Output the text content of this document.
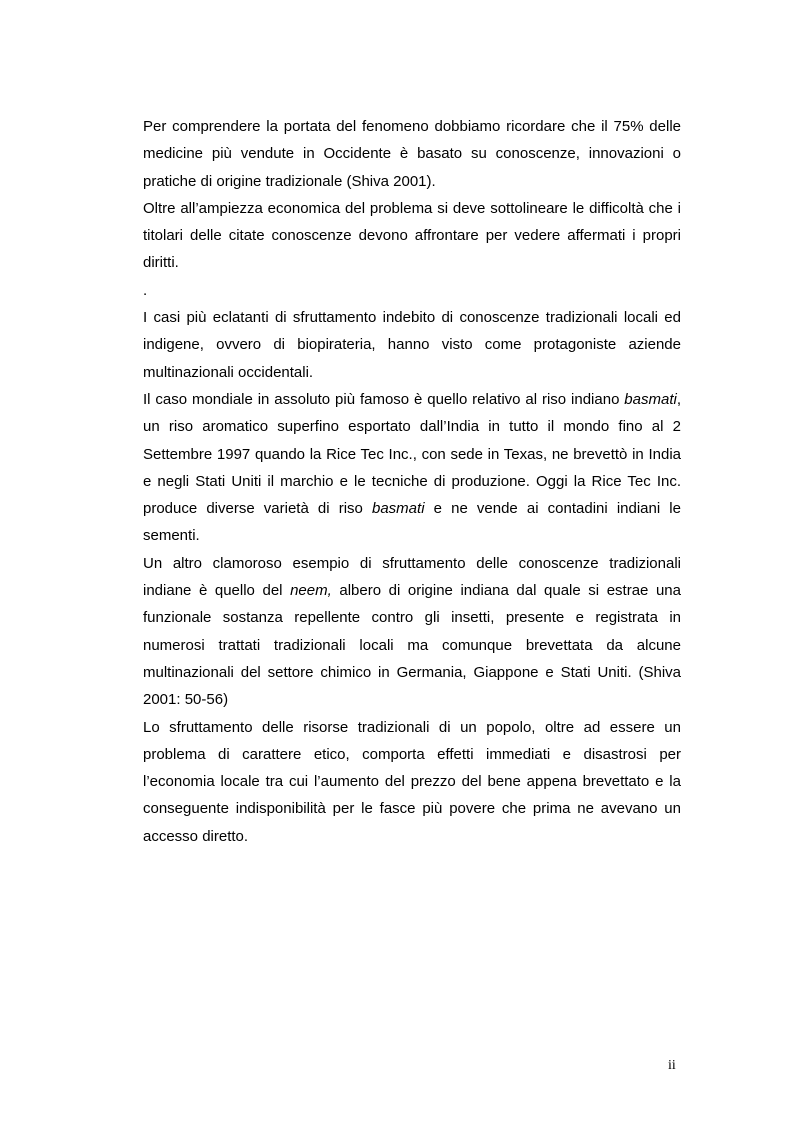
Per comprendere la portata del fenomeno dobbiamo ricordare che il 75% delle medicine più vendute in Occidente è basato su conoscenze, innovazioni o pratiche di origine tradizionale (Shiva 2001).

Oltre all’ampiezza economica del problema si deve sottolineare le difficoltà che i titolari delle citate conoscenze devono affrontare per vedere affermati i propri diritti.

.

I casi più eclatanti di sfruttamento indebito di conoscenze tradizionali locali ed indigene, ovvero di biopirateria, hanno visto come protagoniste aziende multinazionali occidentali.

Il caso mondiale in assoluto più famoso è quello relativo al riso indiano basmati, un riso aromatico superfino esportato dall’India in tutto il mondo fino al 2 Settembre 1997 quando la Rice Tec Inc., con sede in Texas, ne brevettò in India e negli Stati Uniti il marchio e le tecniche di produzione. Oggi la Rice Tec Inc. produce diverse varietà di riso basmati e ne vende ai contadini indiani le sementi.

Un altro clamoroso esempio di sfruttamento delle conoscenze tradizionali indiane è quello del neem, albero di origine indiana dal quale si estrae una funzionale sostanza repellente contro gli insetti, presente e registrata in numerosi trattati tradizionali locali ma comunque brevettata da alcune multinazionali del settore chimico in Germania, Giappone e Stati Uniti. (Shiva 2001: 50-56)

Lo sfruttamento delle risorse tradizionali di un popolo, oltre ad essere un problema di carattere etico, comporta effetti immediati e disastrosi per l’economia locale tra cui l’aumento del prezzo del bene appena brevettato e la conseguente indisponibilità per le fasce più povere che prima ne avevano un accesso diretto.

ii
